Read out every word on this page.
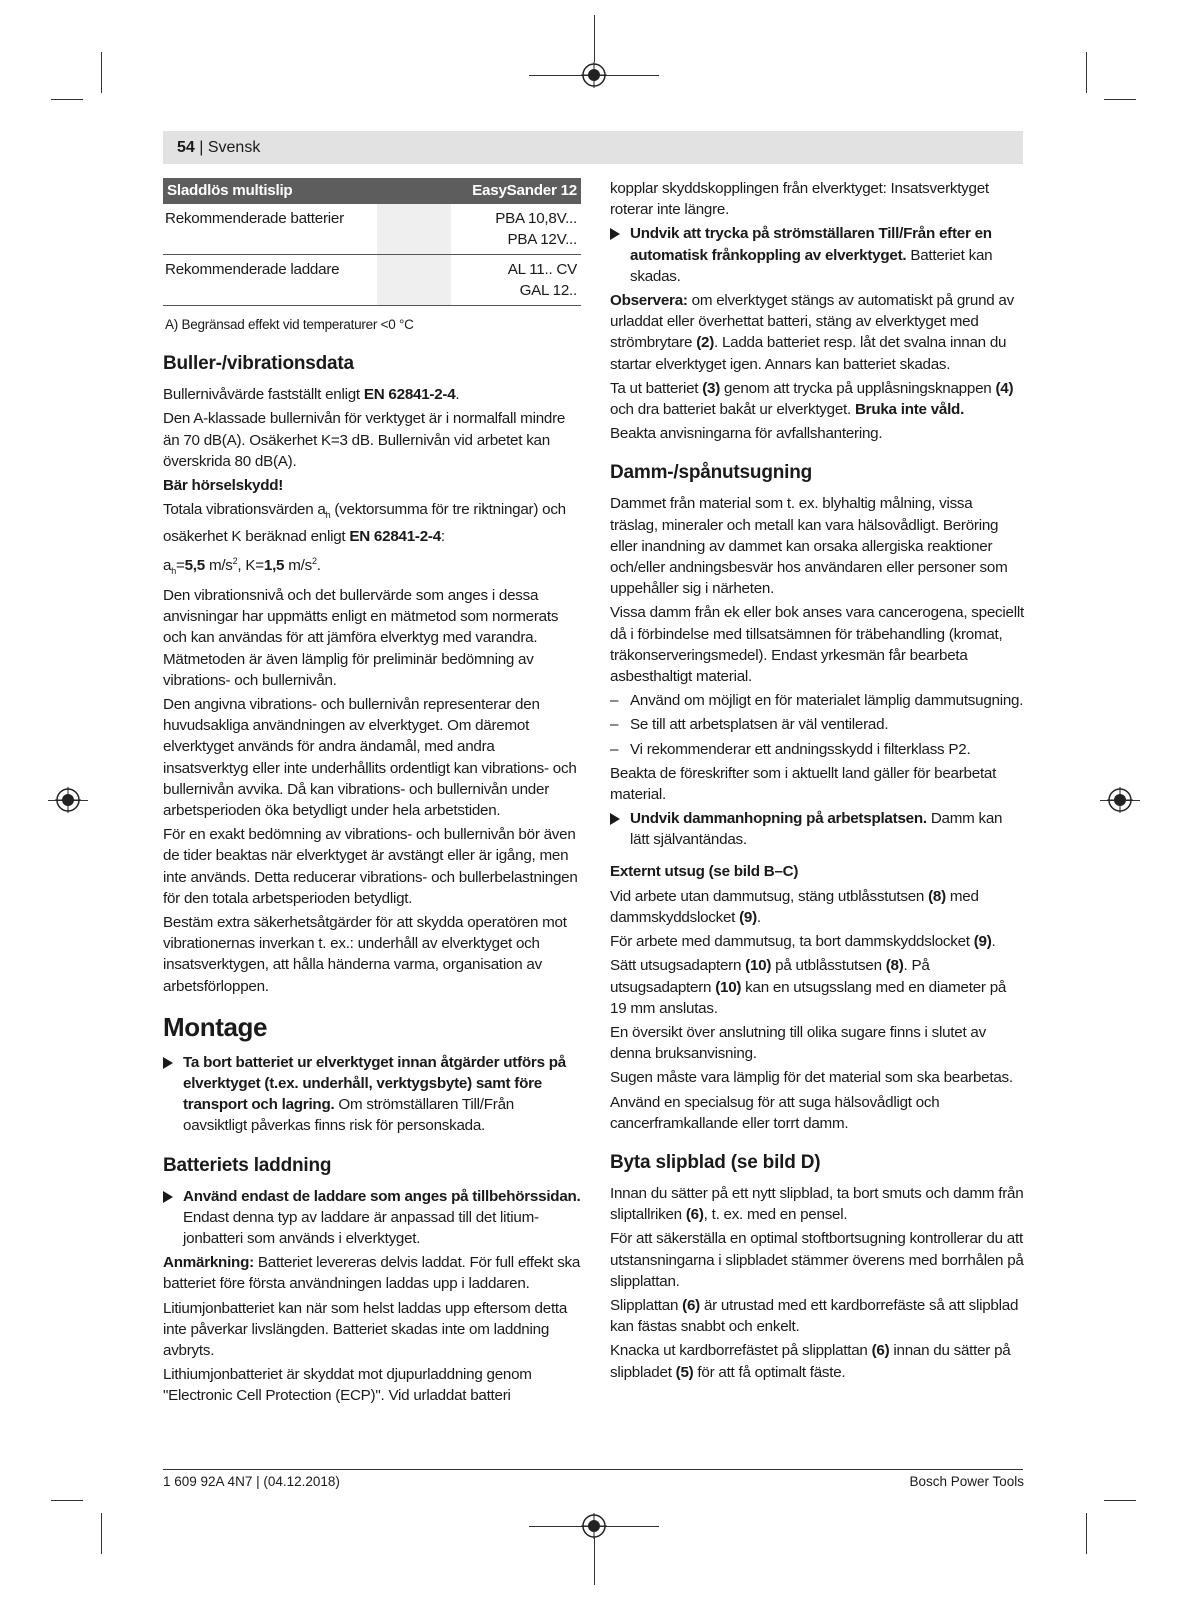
54 | Svensk
Sladdlös multislip		EasySander 12
Rekommenderade batterier		PBA 10,8V...
PBA 12V...
Rekommenderade laddare		AL 11.. CV
GAL 12..
A) Begränsad effekt vid temperaturer <0 °C
Buller-/vibrationsdata

Bullernivåvärde fastställt enligt EN 62841-2-4.

Den A-klassade bullernivån för verktyget är i normalfall mindre än 70 dB(A). Osäkerhet K=3 dB. Bullernivån vid arbetet kan överskrida 80 dB(A).

Bär hörselskydd!

Totala vibrationsvärden $a_h$ (vektorsumma för tre riktningar) och osäkerhet K beräknad enligt EN 62841-2-4:

$a_h=5,5$ $m/s^2$, K=1,5 $m/s^2$.

Den vibrationsnivå och det bullervärde som anges i dessa anvisningar har uppmätts enligt en mätmetod som normerats och kan användas för att jämföra elverktyg med varandra. Mätmetoden är även lämplig för preliminär bedömning av vibrations- och bullernivån.

Den angivna vibrations- och bullernivån representerar den huvudsakliga användningen av elverktyget. Om däremot elverktyget används för andra ändamål, med andra insatsverktyg eller inte underhållits ordentligt kan vibrations- och bullernivån avvika. Då kan vibrations- och bullernivån under arbetsperioden öka betydligt under hela arbetstiden.

För en exakt bedömning av vibrations- och bullernivån bör även de tider beaktas när elverktyget är avstängt eller är igång, men inte används. Detta reducerar vibrations- och bullerbelastningen för den totala arbetsperioden betydligt.

Bestäm extra säkerhetsåtgärder för att skydda operatören mot vibrationernas inverkan t. ex.: underhåll av elverktyget och insatsverktygen, att hålla händerna varma, organisation av arbetsförloppen.

Montage
Ta bort batteriet ur elverktyget innan åtgärder utförs på elverktyget (t.ex. underhåll, verktygsbyte) samt före transport och lagring. Om strömställaren Till/Från oavsiktligt påverkas finns risk för personskada.
Batteriets laddning
Använd endast de laddare som anges på tillbehörssidan. Endast denna typ av laddare är anpassad till det litium-jonbatteri som används i elverktyget.

Anmärkning: Batteriet levereras delvis laddat. För full effekt ska batteriet före första användningen laddas upp i laddaren.

Litiumjonbatteriet kan när som helst laddas upp eftersom detta inte påverkar livslängden. Batteriet skadas inte om laddning avbryts.

Lithiumjonbatteriet är skyddat mot djupurladdning genom "Electronic Cell Protection (ECP)". Vid urladdat batteri

kopplar skyddskopplingen från elverktyget: Insatsverktyget roterar inte längre.

Undvik att trycka på strömställaren Till/Från efter en automatisk frånkoppling av elverktyget. Batteriet kan skadas.

Observera: om elverktyget stängs av automatiskt på grund av urladdat eller överhettat batteri, stäng av elverktyget med strömbrytare (2). Ladda batteriet resp. låt det svalna innan du startar elverktyget igen. Annars kan batteriet skadas.

Ta ut batteriet (3) genom att trycka på upplåsningsknappen (4) och dra batteriet bakåt ur elverktyget. Bruka inte våld.

Beakta anvisningarna för avfallshantering.

Damm-/spånutsugning

Dammet från material som t. ex. blyhaltig målning, vissa träslag, mineraler och metall kan vara hälsovådligt. Beröring eller inandning av dammet kan orsaka allergiska reaktioner och/eller andningsbesvär hos användaren eller personer som uppehåller sig i närheten.

Vissa damm från ek eller bok anses vara cancerogena, speciellt då i förbindelse med tillsatsämnen för träbehandling (kromat, träkonserveringsmedel). Endast yrkesmän får bearbeta asbesthaltigt material.

– Använd om möjligt en för materialet lämplig dammutsugning.
– Se till att arbetsplatsen är väl ventilerad.
– Vi rekommenderar ett andningsskydd i filterklass P2.

Beakta de föreskrifter som i aktuellt land gäller för bearbetat material.

Undvik dammanhopning på arbetsplatsen. Damm kan lätt självantändas.
Externt utsug (se bild B–C)

Vid arbete utan dammutsug, stäng utblåsstutsen (8) med dammskyddslocket (9).

För arbete med dammutsug, ta bort dammskyddslocket (9).

Sätt utsugsadaptern (10) på utblåsstutsen (8). På utsugsadaptern (10) kan en utsugsslang med en diameter på 19 mm anslutas.

En översikt över anslutning till olika sugare finns i slutet av denna bruksanvisning.

Sugen måste vara lämplig för det material som ska bearbetas.

Använd en specialsug för att suga hälsovådligt och cancerframkallande eller torrt damm.

Byta slipblad (se bild D)

Innan du sätter på ett nytt slipblad, ta bort smuts och damm från sliptallriken (6), t. ex. med en pensel.

För att säkerställa en optimal stoftbortsugning kontrollerar du att utstansningarna i slipbladet stämmer överens med borrhålen på slipplattan.

Slipplattan (6) är utrustad med ett kardborrefäste så att slipblad kan fästas snabbt och enkelt.

Knacka ut kardborrefästet på slipplattan (6) innan du sätter på slipbladet (5) för att få optimalt fäste.

1 609 92A 4N7 | (04.12.2018)	Bosch Power Tools
